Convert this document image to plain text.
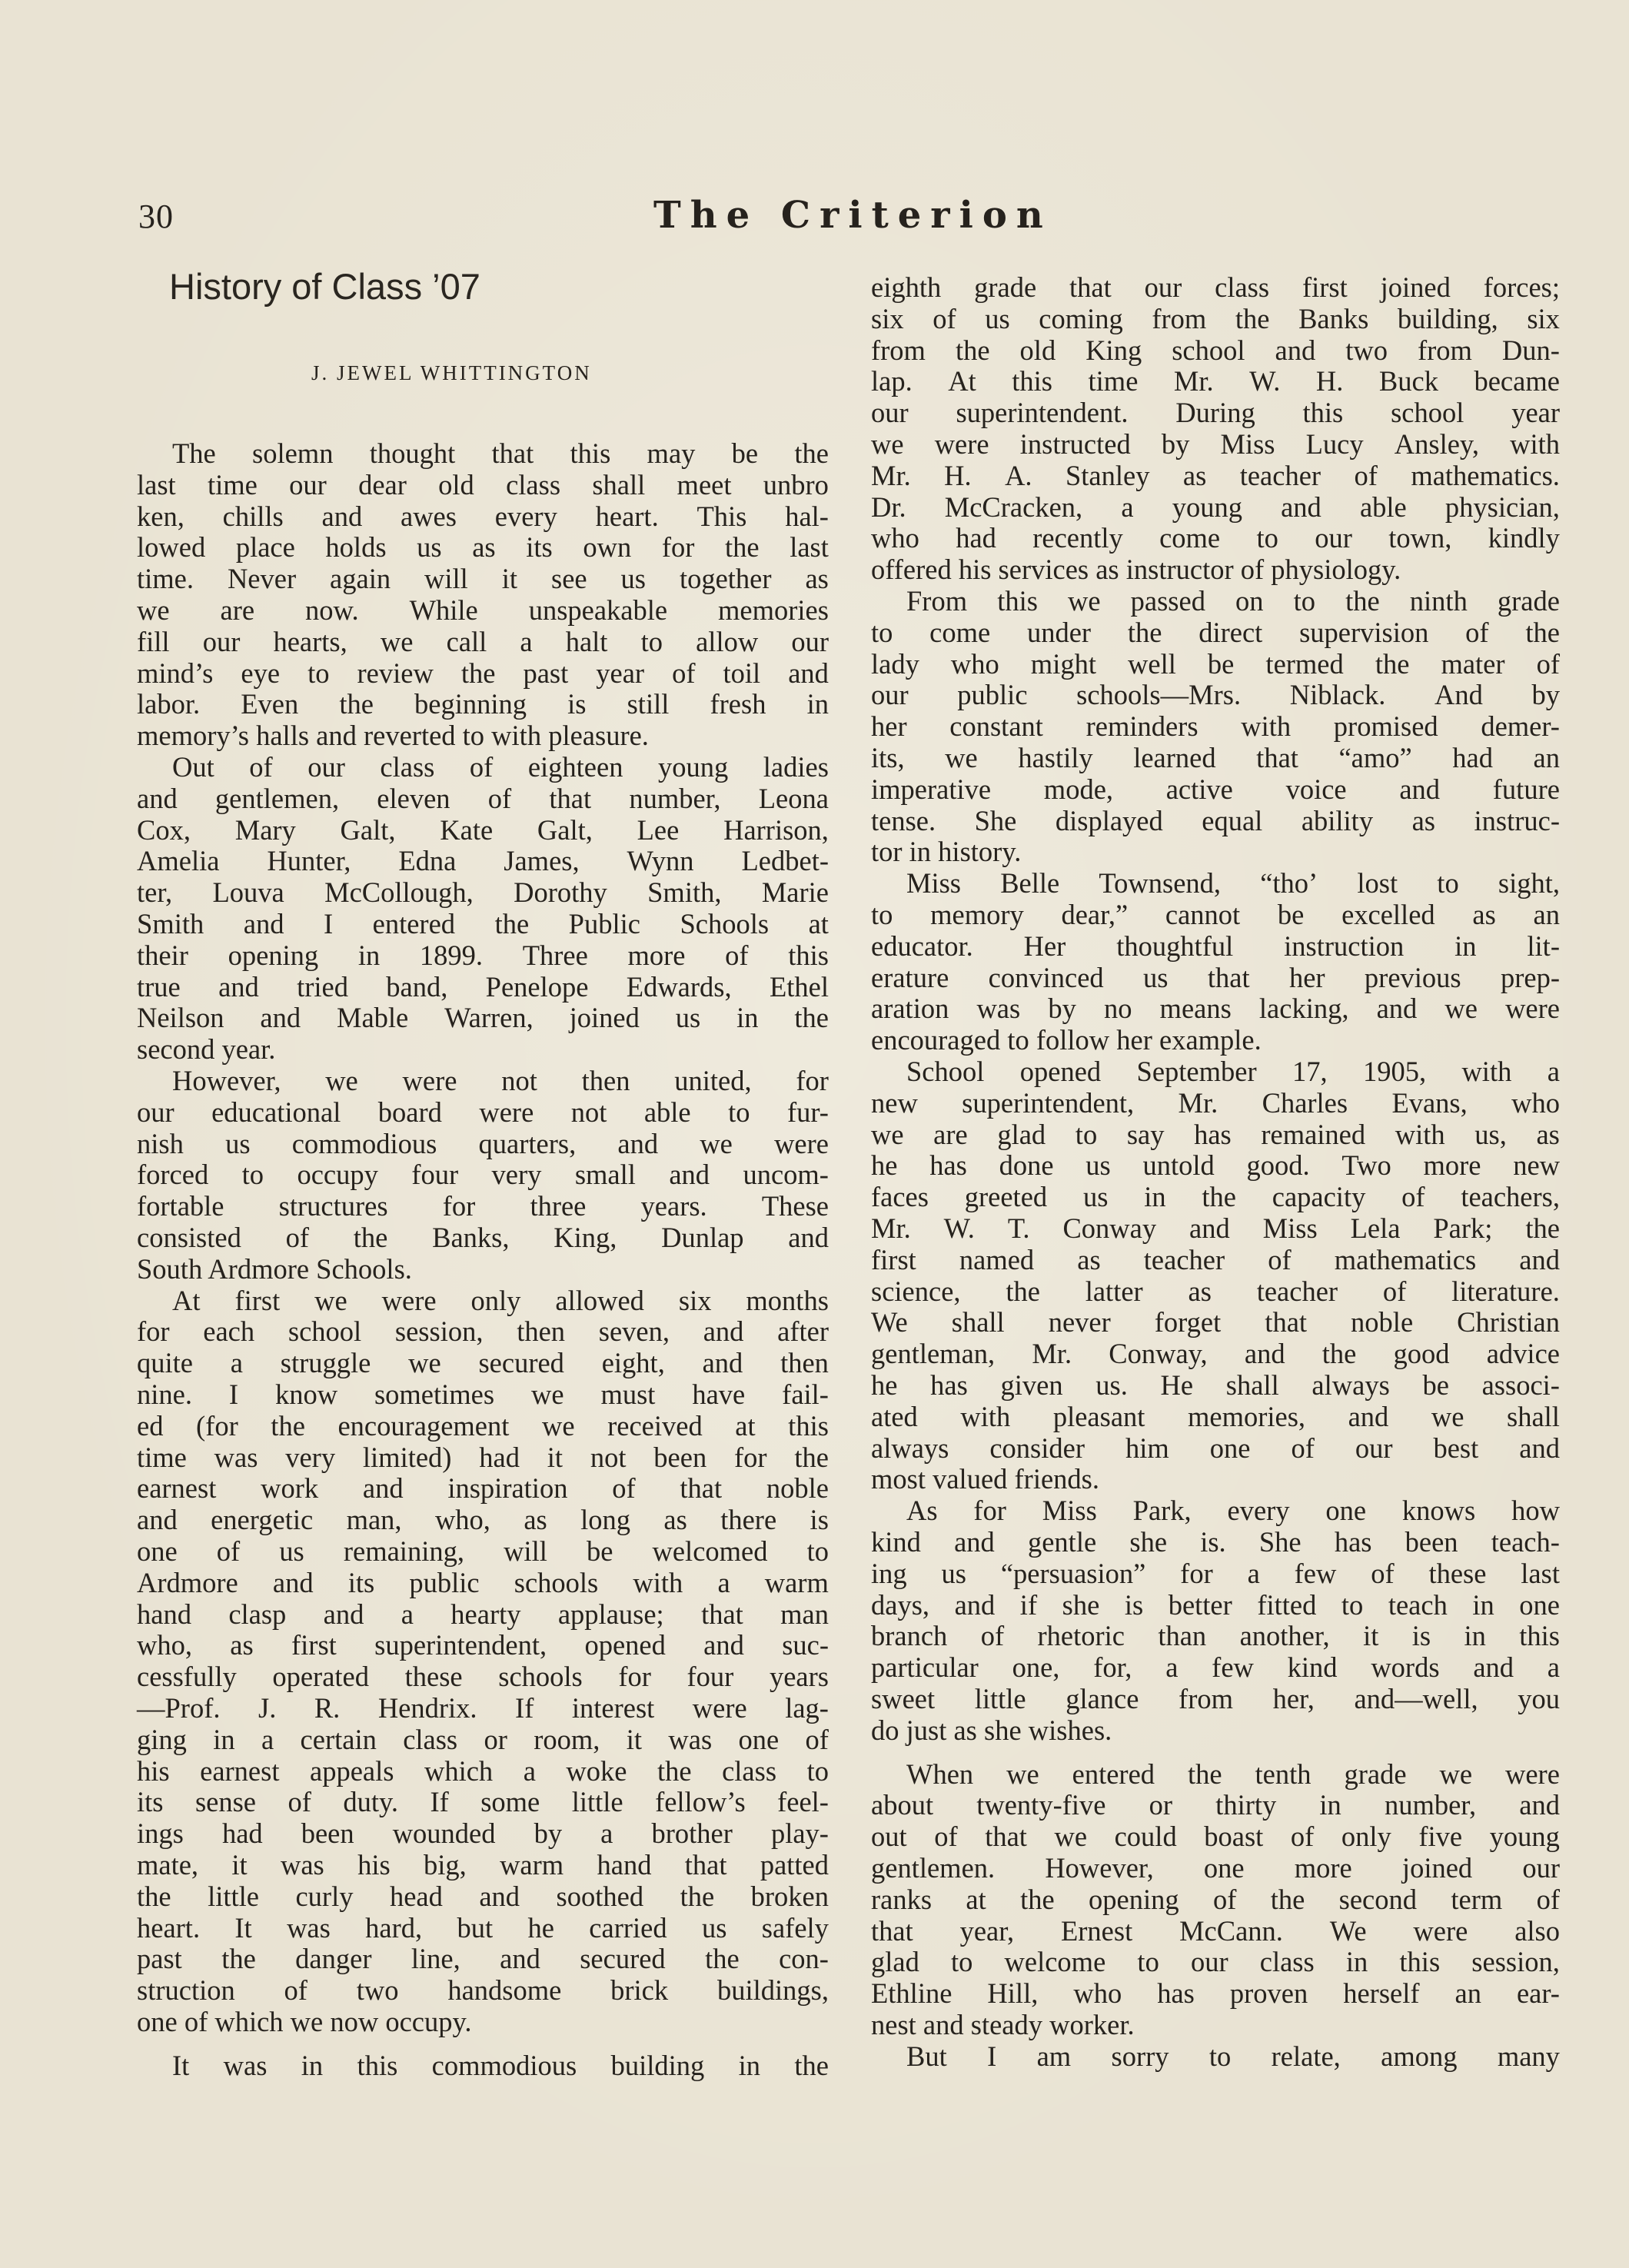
30	The Criterion
History of Class ’07
J. JEWEL WHITTINGTON
The solemn thought that this may be the
last time our dear old class shall meet unbro
ken, chills and awes every heart. This hal-
lowed place holds us as its own for the last
time. Never again will it see us together as
we are now. While unspeakable memories
fill our hearts, we call a halt to allow our
mind’s eye to review the past year of toil and
labor. Even the beginning is still fresh in
memory’s halls and reverted to with pleasure.
Out of our class of eighteen young ladies
and gentlemen, eleven of that number, Leona
Cox, Mary Galt, Kate Galt, Lee Harrison,
Amelia Hunter, Edna James, Wynn Ledbet-
ter, Louva McCollough, Dorothy Smith, Marie
Smith and I entered the Public Schools at
their opening in 1899. Three more of this
true and tried band, Penelope Edwards, Ethel
Neilson and Mable Warren, joined us in the
second year.
However, we were not then united, for
our educational board were not able to fur-
nish us commodious quarters, and we were
forced to occupy four very small and uncom-
fortable structures for three years. These
consisted of the Banks, King, Dunlap and
South Ardmore Schools.
At first we were only allowed six months
for each school session, then seven, and after
quite a struggle we secured eight, and then
nine. I know sometimes we must have fail-
ed (for the encouragement we received at this
time was very limited) had it not been for the
earnest work and inspiration of that noble
and energetic man, who, as long as there is
one of us remaining, will be welcomed to
Ardmore and its public schools with a warm
hand clasp and a hearty applause; that man
who, as first superintendent, opened and suc-
cessfully operated these schools for four years
—Prof. J. R. Hendrix. If interest were lag-
ging in a certain class or room, it was one of
his earnest appeals which a woke the class to
its sense of duty. If some little fellow’s feel-
ings had been wounded by a brother play-
mate, it was his big, warm hand that patted
the little curly head and soothed the broken
heart. It was hard, but he carried us safely
past the danger line, and secured the con-
struction of two handsome brick buildings,
one of which we now occupy.
It was in this commodious building in the
eighth grade that our class first joined forces;
six of us coming from the Banks building, six
from the old King school and two from Dun-
lap. At this time Mr. W. H. Buck became
our superintendent. During this school year
we were instructed by Miss Lucy Ansley, with
Mr. H. A. Stanley as teacher of mathematics.
Dr. McCracken, a young and able physician,
who had recently come to our town, kindly
offered his services as instructor of physiology.
From this we passed on to the ninth grade
to come under the direct supervision of the
lady who might well be termed the mater of
our public schools—Mrs. Niblack. And by
her constant reminders with promised demer-
its, we hastily learned that “amo” had an
imperative mode, active voice and future
tense. She displayed equal ability as instruc-
tor in history.
Miss Belle Townsend, “tho’ lost to sight,
to memory dear,” cannot be excelled as an
educator. Her thoughtful instruction in lit-
erature convinced us that her previous prep-
aration was by no means lacking, and we were
encouraged to follow her example.
School opened September 17, 1905, with a
new superintendent, Mr. Charles Evans, who
we are glad to say has remained with us, as
he has done us untold good. Two more new
faces greeted us in the capacity of teachers,
Mr. W. T. Conway and Miss Lela Park; the
first named as teacher of mathematics and
science, the latter as teacher of literature.
We shall never forget that noble Christian
gentleman, Mr. Conway, and the good advice
he has given us. He shall always be associ-
ated with pleasant memories, and we shall
always consider him one of our best and
most valued friends.
As for Miss Park, every one knows how
kind and gentle she is. She has been teach-
ing us “persuasion” for a few of these last
days, and if she is better fitted to teach in one
branch of rhetoric than another, it is in this
particular one, for, a few kind words and a
sweet little glance from her, and—well, you
do just as she wishes.
When we entered the tenth grade we were
about twenty-five or thirty in number, and
out of that we could boast of only five young
gentlemen. However, one more joined our
ranks at the opening of the second term of
that year, Ernest McCann. We were also
glad to welcome to our class in this session,
Ethline Hill, who has proven herself an ear-
nest and steady worker.
But I am sorry to relate, among many
